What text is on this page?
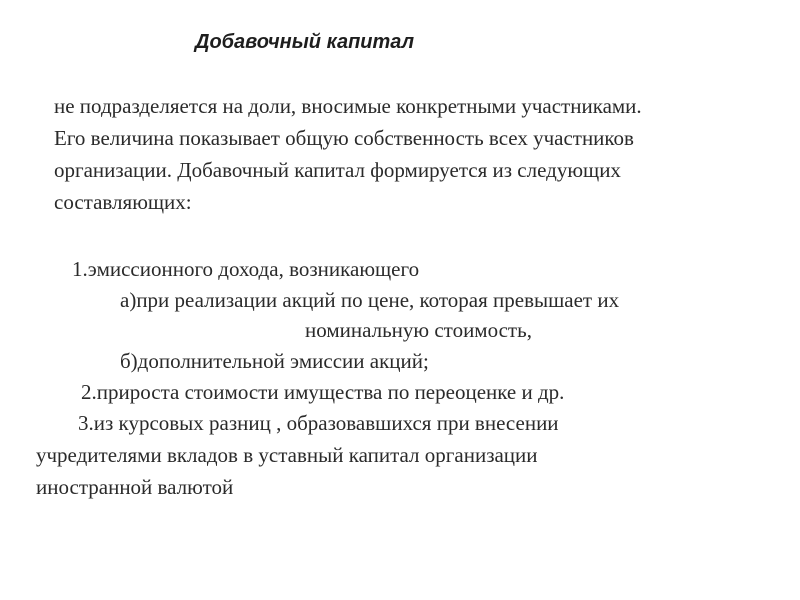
Добавочный капитал
не подразделяется на доли, вносимые конкретными участниками.
Его величина показывает общую собственность всех участников
организации. Добавочный капитал формируется из следующих
составляющих:
1.эмиссионного дохода, возникающего
а)при реализации акций по цене, которая превышает их
номинальную стоимость,
б)дополнительной эмиссии акций;
2.прироста стоимости имущества по переоценке и др.
3.из курсовых разниц , образовавшихся при внесении
учредителями вкладов в уставный капитал организации
иностранной валютой
